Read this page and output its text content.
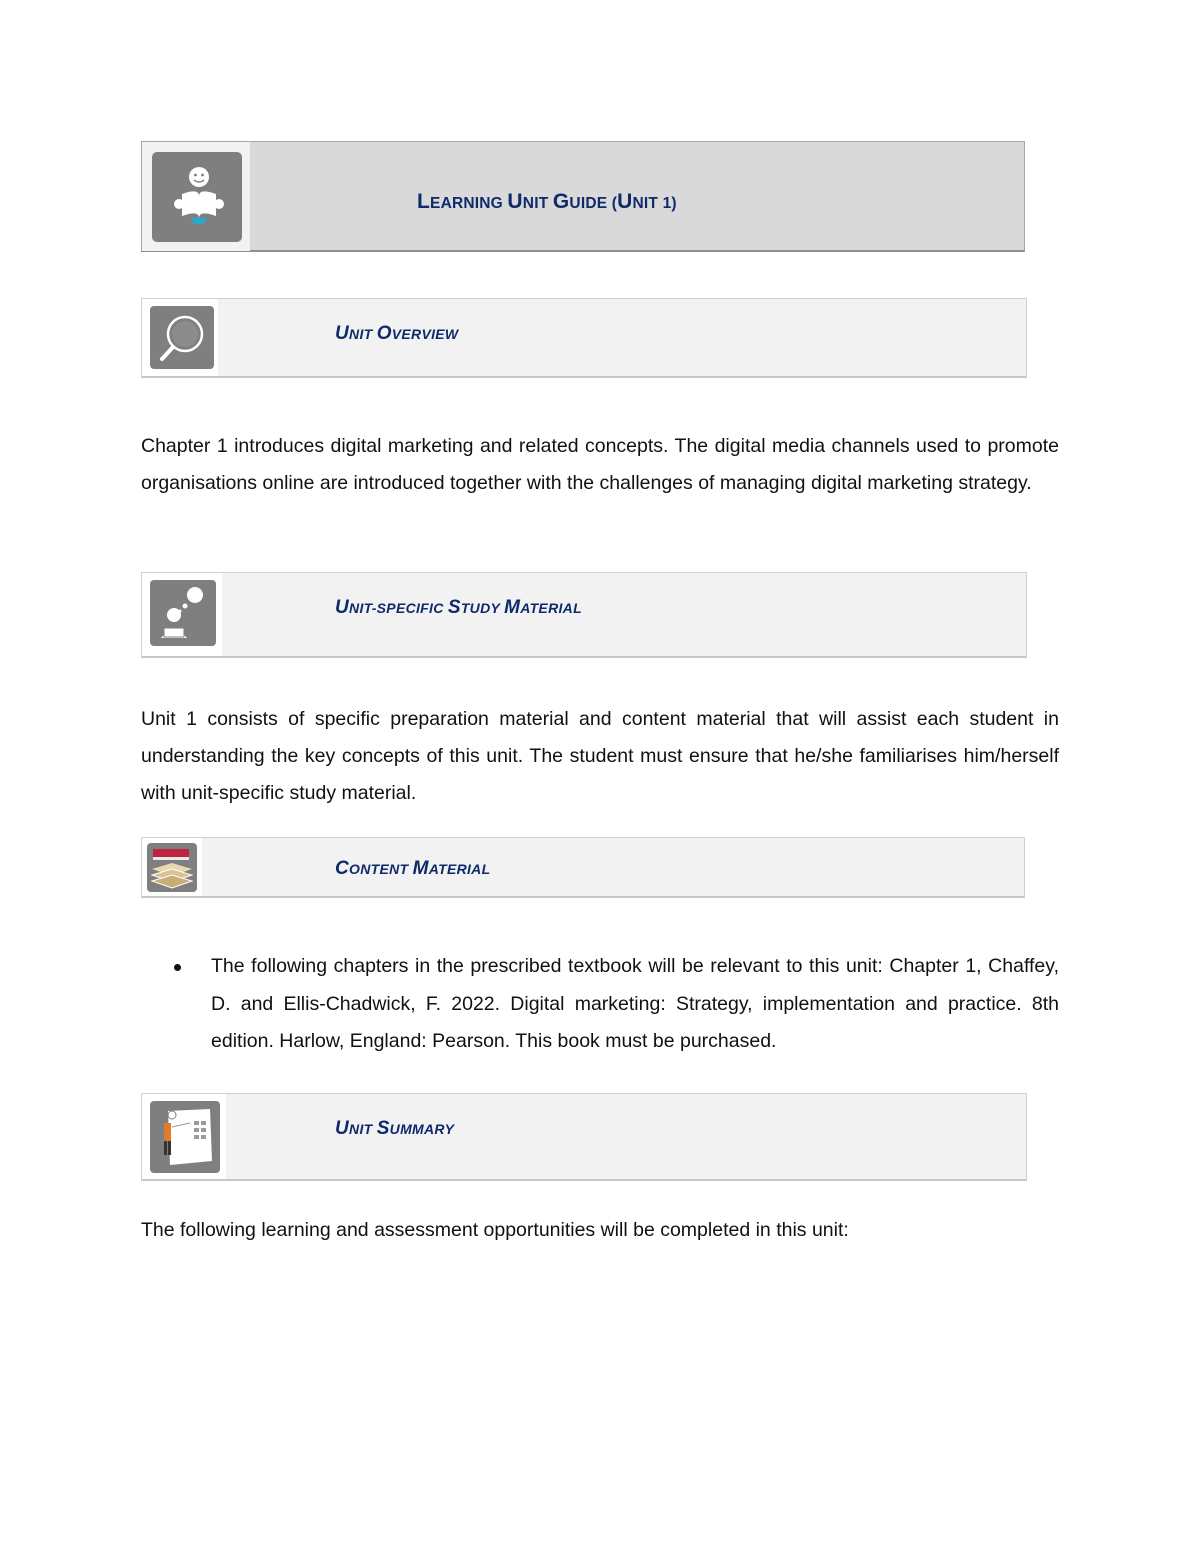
LEARNING UNIT GUIDE (UNIT 1)
UNIT OVERVIEW

Chapter 1 introduces digital marketing and related concepts. The digital media channels used to promote organisations online are introduced together with the challenges of managing digital marketing strategy.

UNIT-SPECIFIC STUDY MATERIAL

Unit 1 consists of specific preparation material and content material that will assist each student in understanding the key concepts of this unit. The student must ensure that he/she familiarises him/herself with unit-specific study material.

CONTENT MATERIAL
The following chapters in the prescribed textbook will be relevant to this unit: Chapter 1, Chaffey, D. and Ellis-Chadwick, F. 2022. Digital marketing: Strategy, implementation and practice. 8th edition. Harlow, England: Pearson. This book must be purchased.
UNIT SUMMARY

The following learning and assessment opportunities will be completed in this unit:
